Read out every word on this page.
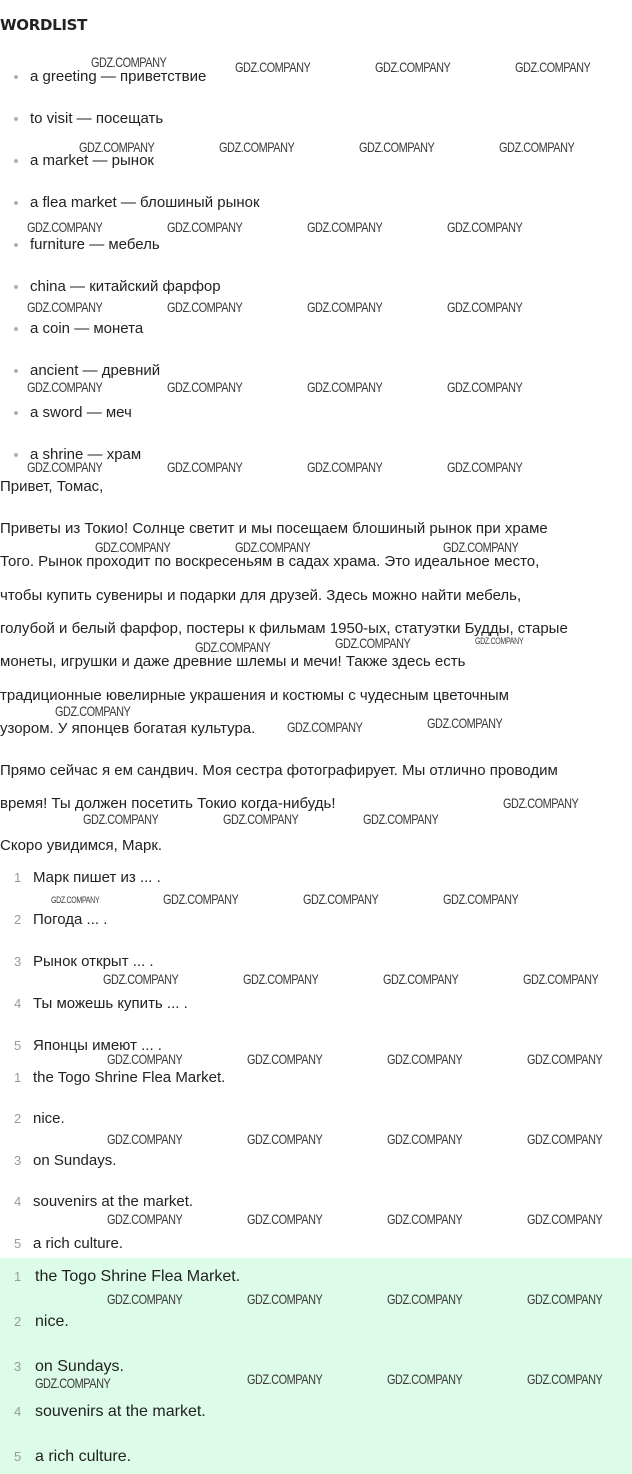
WORDLIST
a greeting — приветствие
to visit — посещать
a market — рынок
a flea market — блошиный рынок
furniture — мебель
china — китайский фарфор
a coin — монета
ancient — древний
a sword — меч
a shrine — храм
Привет, Томас,
Приветы из Токио! Солнце светит и мы посещаем блошиный рынок при храме
Того. Рынок проходит по воскресеньям в садах храма. Это идеальное место,
чтобы купить сувениры и подарки для друзей. Здесь можно найти мебель,
голубой и белый фарфор, постеры к фильмам 1950-ых, статуэтки Будды, старые
монеты, игрушки и даже древние шлемы и мечи! Также здесь есть
традиционные ювелирные украшения и костюмы с чудесным цветочным
узором. У японцев богатая культура.
Прямо сейчас я ем сандвич. Моя сестра фотографирует. Мы отлично проводим
время! Ты должен посетить Токио когда-нибудь!
Скоро увидимся, Марк.
1 Марк пишет из ... .
2 Погода ... .
3 Рынок открыт ... .
4 Ты можешь купить ... .
5 Японцы имеют ... .
1 the Togo Shrine Flea Market.
2 nice.
3 on Sundays.
4 souvenirs at the market.
5 a rich culture.
1 the Togo Shrine Flea Market.
2 nice.
3 on Sundays.
4 souvenirs at the market.
5 a rich culture.
GDZ.COMPANY	GDZ.COMPANY	GDZ.COMPANY	GDZ.COMPANY
GDZ.COMPANY	GDZ.COMPANY	GDZ.COMPANY	GDZ.COMPANY
GDZ.COMPANY	GDZ.COMPANY	GDZ.COMPANY	GDZ.COMPANY
GDZ.COMPANY	GDZ.COMPANY	GDZ.COMPANY	GDZ.COMPANY
GDZ.COMPANY	GDZ.COMPANY	GDZ.COMPANY	GDZ.COMPANY
GDZ.COMPANY	GDZ.COMPANY	GDZ.COMPANY	GDZ.COMPANY
GDZ.COMPANY	GDZ.COMPANY	GDZ.COMPANY
GDZ.COMPANY	GDZ.COMPANY	GDZ.COMPANY
GDZ.COMPANY
GDZ.COMPANY	GDZ.COMPANY
GDZ.COMPANY
GDZ.COMPANY	GDZ.COMPANY	GDZ.COMPANY
GDZ.COMPANY	GDZ.COMPANY	GDZ.COMPANY	GDZ.COMPANY
GDZ.COMPANY	GDZ.COMPANY	GDZ.COMPANY	GDZ.COMPANY
GDZ.COMPANY	GDZ.COMPANY	GDZ.COMPANY	GDZ.COMPANY
GDZ.COMPANY	GDZ.COMPANY	GDZ.COMPANY	GDZ.COMPANY
GDZ.COMPANY	GDZ.COMPANY	GDZ.COMPANY	GDZ.COMPANY
GDZ.COMPANY	GDZ.COMPANY	GDZ.COMPANY	GDZ.COMPANY
GDZ.COMPANY	GDZ.COMPANY	GDZ.COMPANY	GDZ.COMPANY
